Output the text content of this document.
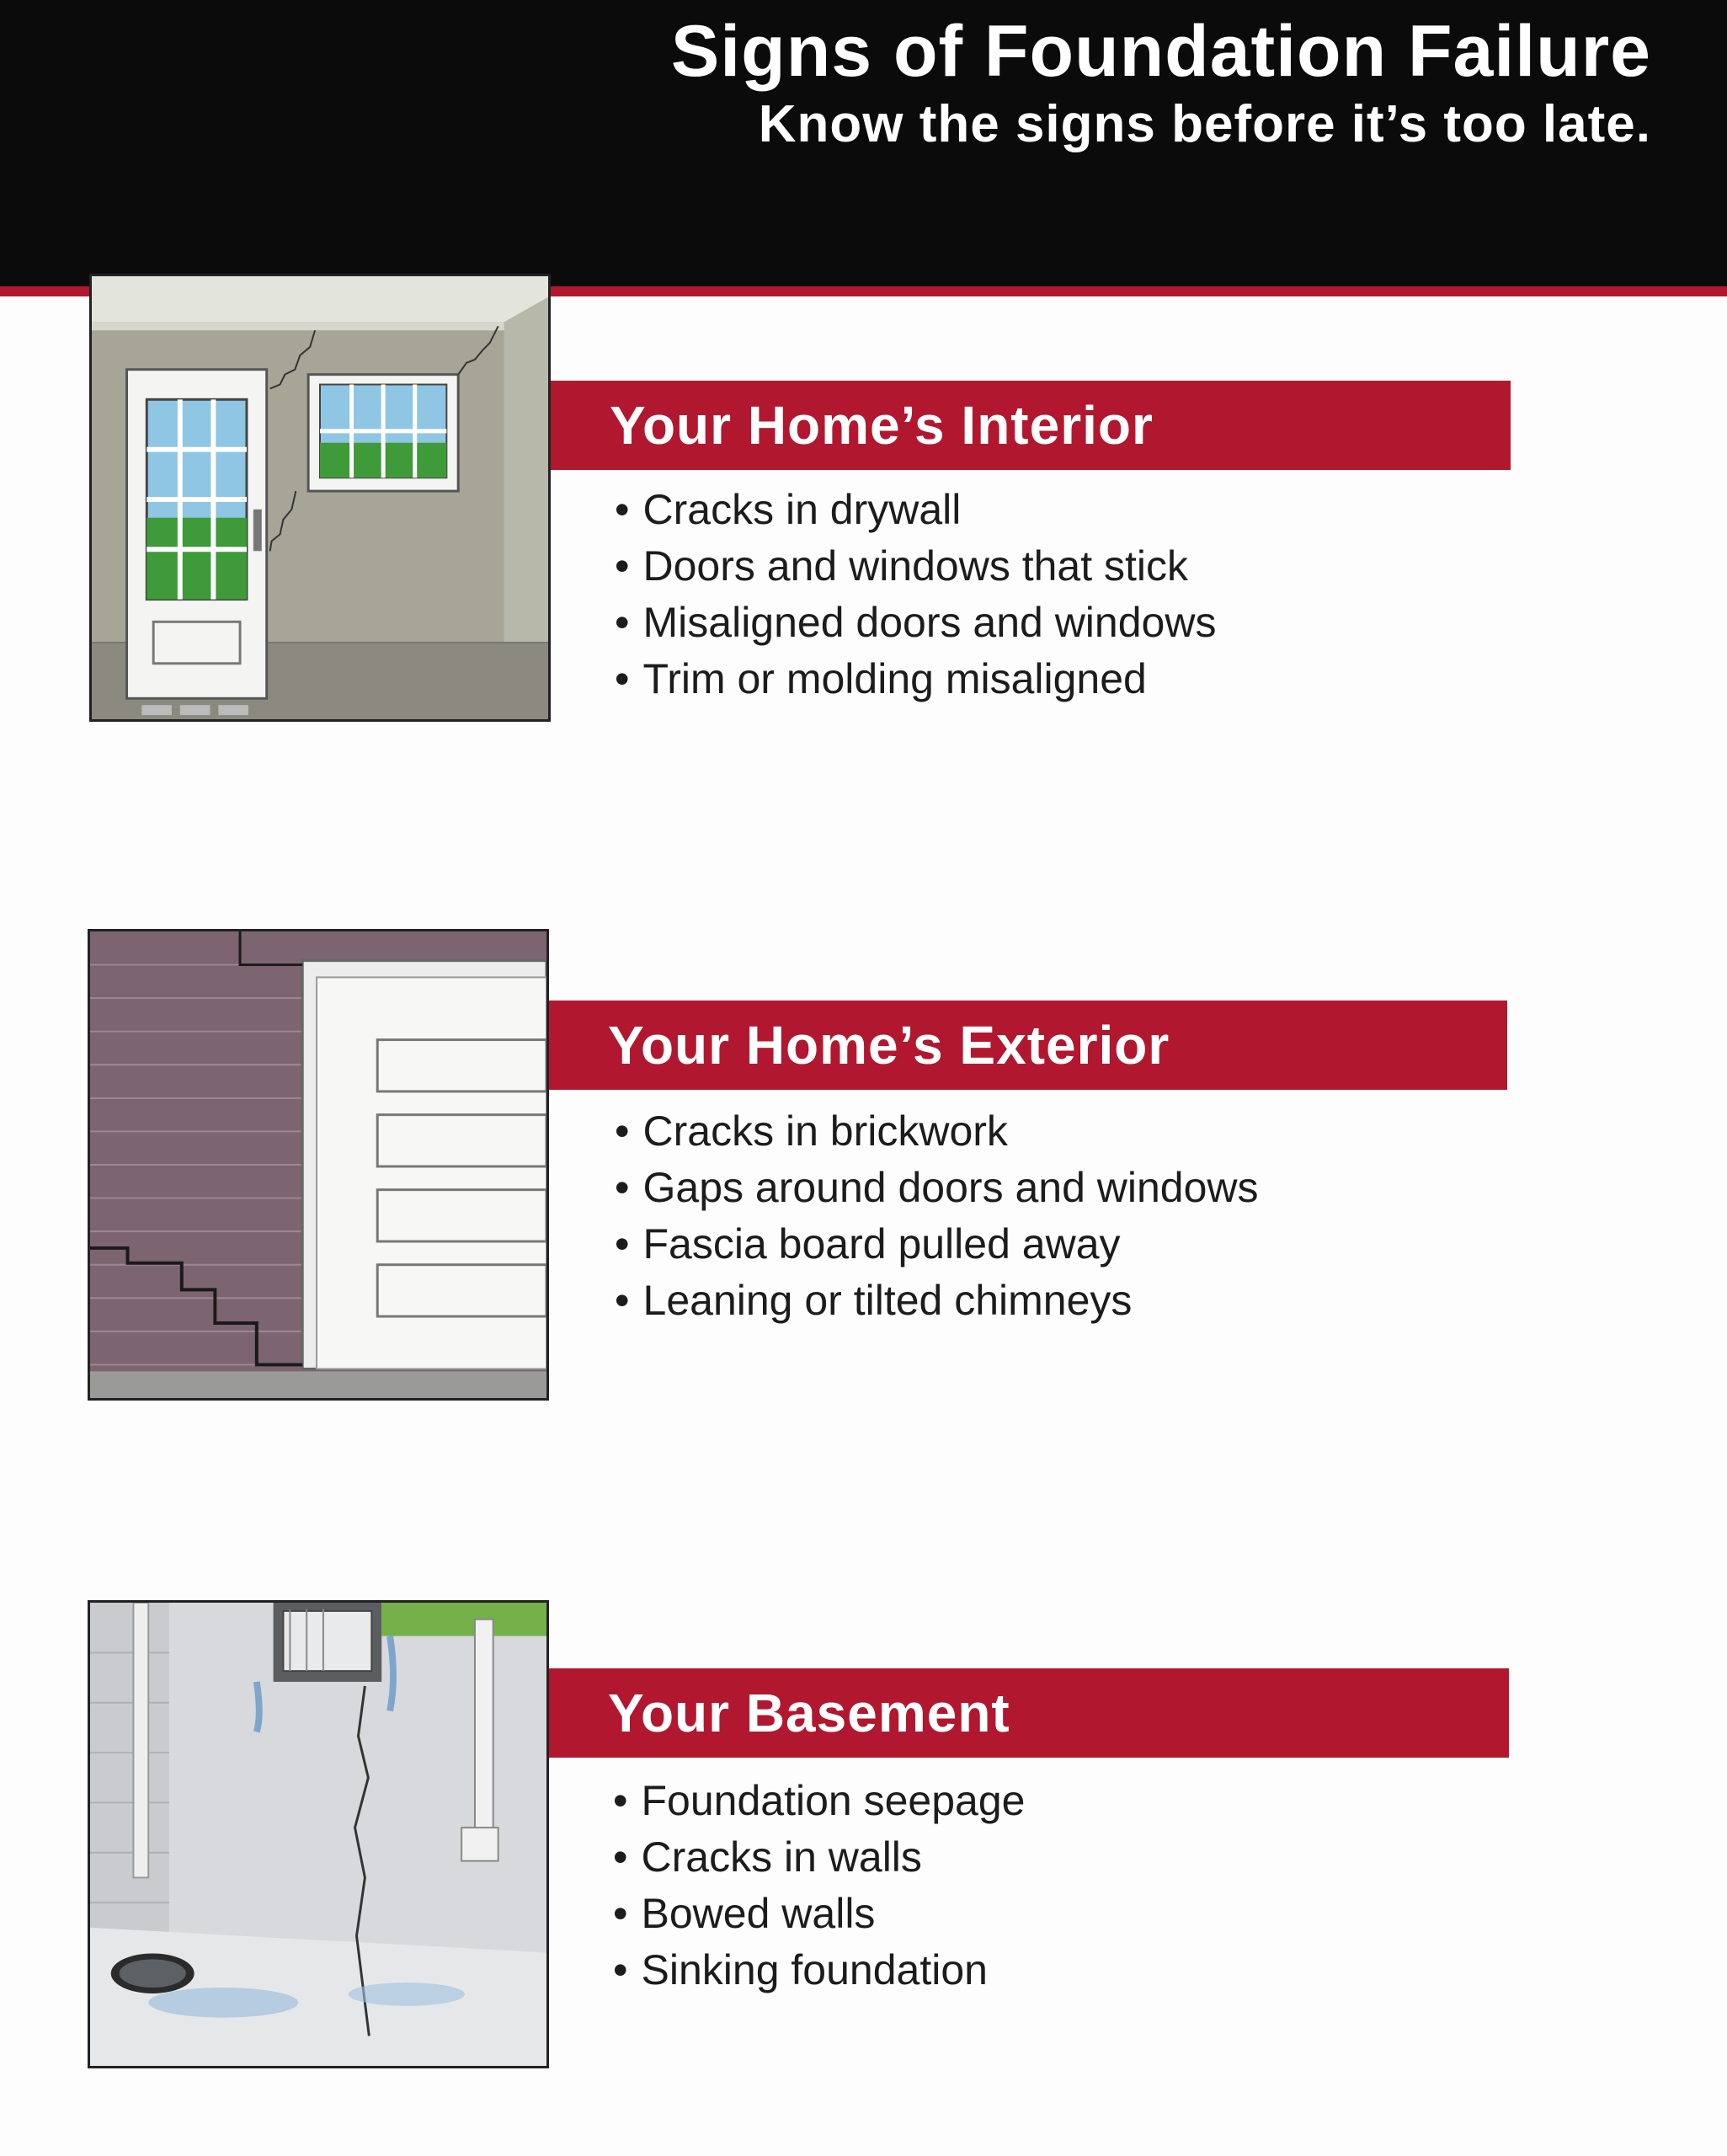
Signs of Foundation Failure
Know the signs before it’s too late.
Your Home’s Interior
• Cracks in drywall
• Doors and windows that stick
• Misaligned doors and windows
• Trim or molding misaligned
Your Home’s Exterior
• Cracks in brickwork
• Gaps around doors and windows
• Fascia board pulled away
• Leaning or tilted chimneys
Your Basement
• Foundation seepage
• Cracks in walls
• Bowed walls
• Sinking foundation
